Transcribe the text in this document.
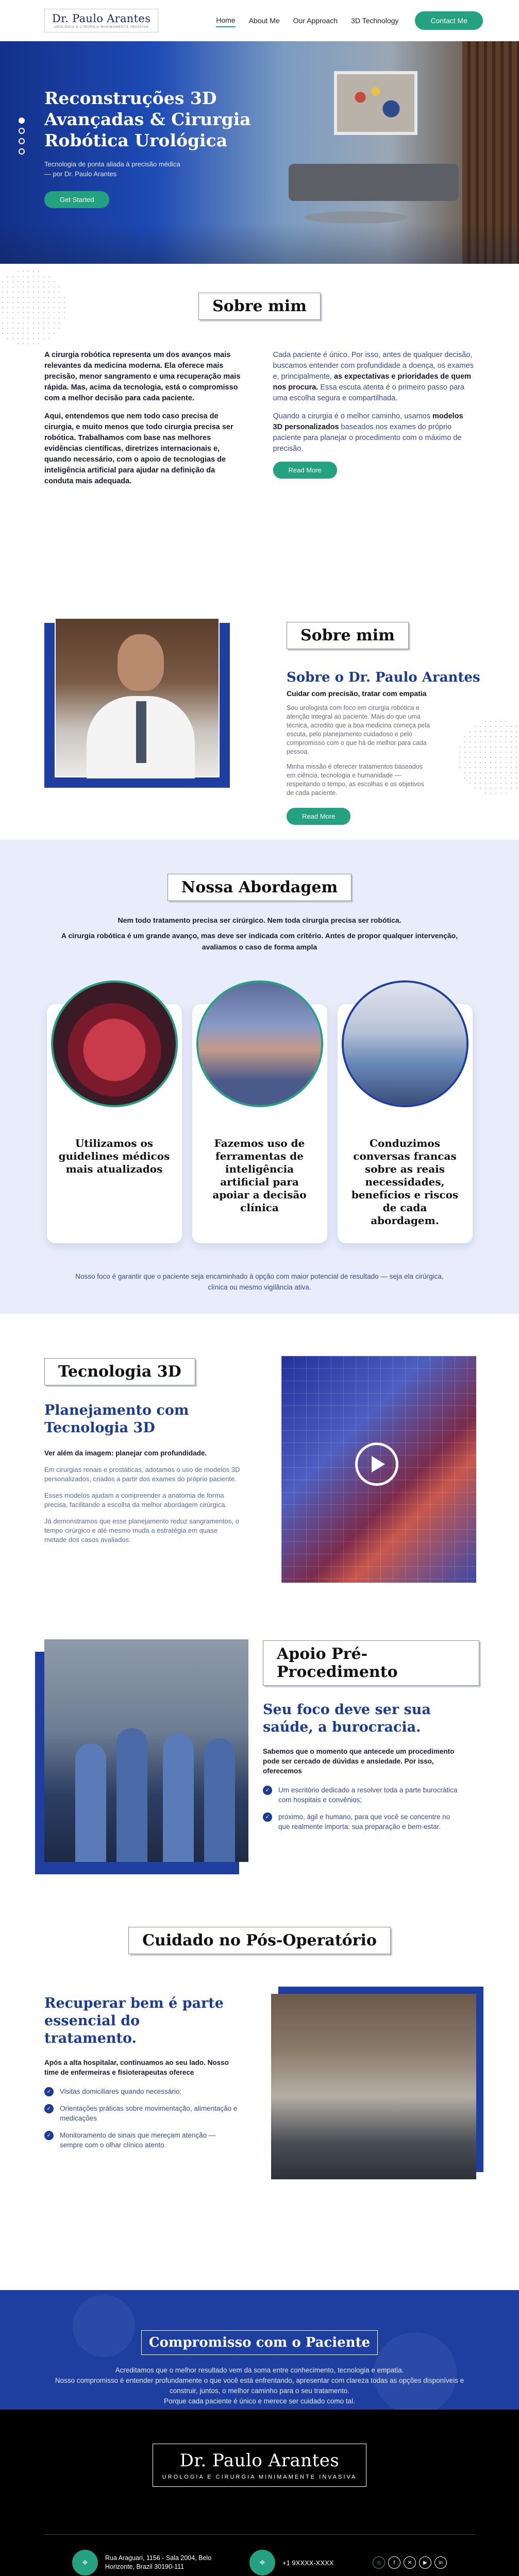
Dr. Paulo Arantes
UROLOGIA E CIRURGIA MINIMAMENTE INVASIVA
Home About Me Our Approach 3D Technology	Contact Me
Reconstruções 3D Avançadas & Cirurgia Robótica Urológica

Tecnologia de ponta aliada à precisão médica — por Dr. Paulo Arantes

Get Started
Sobre mim

A cirurgia robótica representa um dos avanços mais relevantes da medicina moderna. Ela oferece mais precisão, menor sangramento e uma recuperação mais rápida. Mas, acima da tecnologia, está o compromisso com a melhor decisão para cada paciente.

Aqui, entendemos que nem todo caso precisa de cirurgia, e muito menos que todo cirurgia precisa ser robótica. Trabalhamos com base nas melhores evidências científicas, diretrizes internacionais e, quando necessário, com o apoio de tecnologias de inteligência artificial para ajudar na definição da conduta mais adequada.

Cada paciente é único. Por isso, antes de qualquer decisão, buscamos entender com profundidade a doença, os exames e, principalmente, as expectativas e prioridades de quem nos procura. Essa escuta atenta é o primeiro passo para uma escolha segura e compartilhada.

Quando a cirurgia é o melhor caminho, usamos modelos 3D personalizados baseados nos exames do próprio paciente para planejar o procedimento com o máximo de precisão.

Read More
Sobre mim
Sobre o Dr. Paulo Arantes
Cuidar com precisão, tratar com empatia

Sou urologista com foco em cirurgia robótica e atenção integral ao paciente. Mais do que uma técnica, acredito que a boa medicina começa pela escuta, pelo planejamento cuidadoso e pelo compromisso com o que há de melhor para cada pessoa.

Minha missão é oferecer tratamentos baseados em ciência, tecnologia e humanidade — respeitando o tempo, as escolhas e os objetivos de cada paciente.

Read More
Nossa Abordagem

Nem todo tratamento precisa ser cirúrgico. Nem toda cirurgia precisa ser robótica.

A cirurgia robótica é um grande avanço, mas deve ser indicada com critério. Antes de propor qualquer intervenção, avaliamos o caso de forma ampla

Utilizamos os guidelines médicos mais atualizados
Fazemos uso de ferramentas de inteligência artificial para apoiar a decisão clínica
Conduzimos conversas francas sobre as reais necessidades, benefícios e riscos de cada abordagem.

Nosso foco é garantir que o paciente seja encaminhado à opção com maior potencial de resultado — seja ela cirúrgica, clínica ou mesmo vigilância ativa.

Tecnologia 3D
Planejamento com Tecnologia 3D

Ver além da imagem: planejar com profundidade.

Em cirurgias renais e prostáticas, adotamos o uso de modelos 3D personalizados, criados a partir dos exames do próprio paciente.

Esses modelos ajudam a compreender a anatomia de forma precisa, facilitando a escolha da melhor abordagem cirúrgica.

Já demonstramos que esse planejamento reduz sangramentos, o tempo cirúrgico e até mesmo muda a estratégia em quase metade dos casos avaliados.

Apoio Pré-Procedimento
Seu foco deve ser sua saúde, a burocracia.

Sabemos que o momento que antecede um procedimento pode ser cercado de dúvidas e ansiedade. Por isso, oferecemos

✓	Um escritório dedicado a resolver toda a parte burocrática com hospitais e convênios;
✓	próximo, ágil e humano, para que você se concentre no que realmente importa: sua preparação e bem-estar.
Cuidado no Pós-Operatório
Recuperar bem é parte essencial do tratamento.

Após a alta hospitalar, continuamos ao seu lado. Nosso time de enfermeiras e fisioterapeutas oferece

✓	Visitas domiciliares quando necessário;
✓	Orientações práticas sobre movimentação, alimentação e medicações
✓	Monitoramento de sinais que mereçam atenção — sempre com o olhar clínico atento.
Compromisso com o Paciente

Acreditamos que o melhor resultado vem da soma entre conhecimento, tecnologia e empatia.
Nosso compromisso é entender profundamente o que você está enfrentando, apresentar com clareza todas as opções disponíveis e construir, juntos, o melhor caminho para o seu tratamento.
Porque cada paciente é único e merece ser cuidado como tal.

Dr. Paulo Arantes
UROLOGIA E CIRURGIA MINIMAMENTE INVASIVA
⌖	Rua Araguari, 1156 - Sala 2004, Belo Horizonte, Brazil 30190-111	⌖	+1 9XXXX-XXXX	◎	f	✕	▶	in
